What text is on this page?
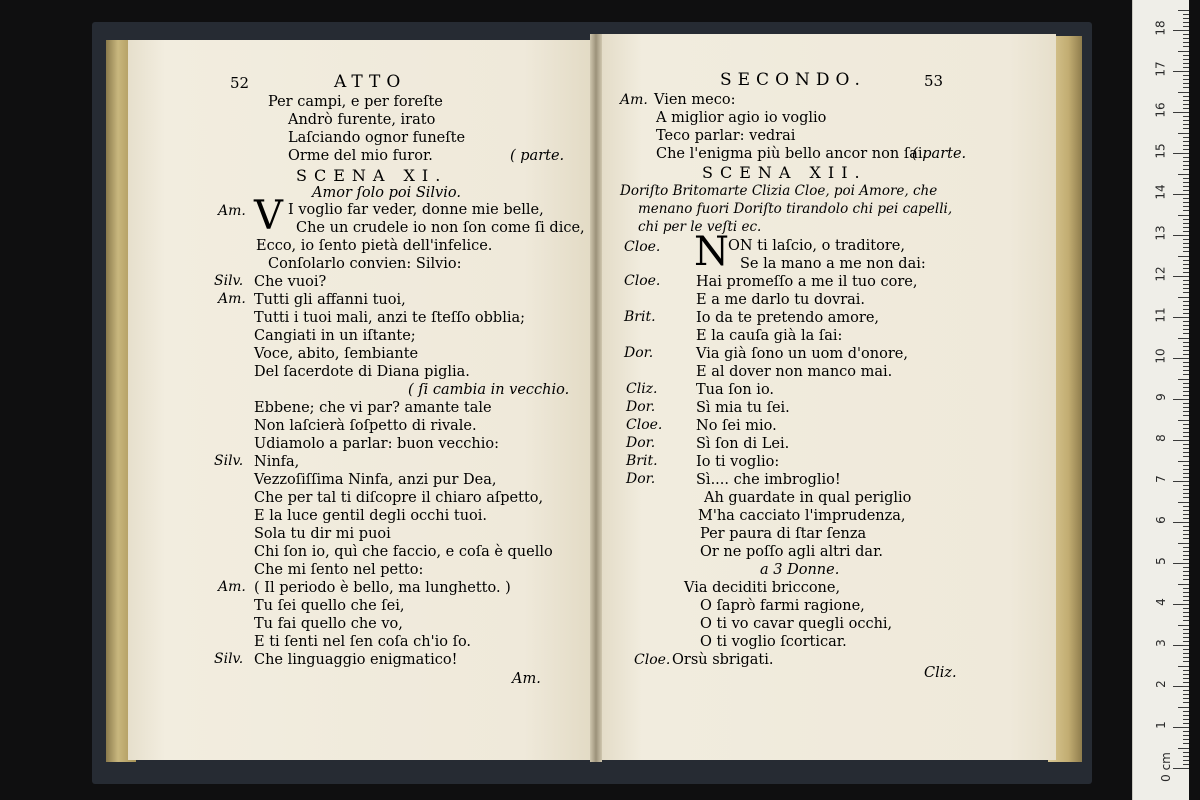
52	ATTO
Per campi, e per foreſte
Andrò furente, irato
Laſciando ognor funeſte
Orme del mio furor.	( parte.
SCENA XI.
Amor ſolo poi Silvio.
Am. V I voglio far veder, donne mie belle,
Che un crudele io non ſon come ſi dice,
Ecco, io ſento pietà dell'infelice.
Conſolarlo convien: Silvio:
Silv. Che vuoi?
Am. Tutti gli affanni tuoi,
Tutti i tuoi mali, anzi te ſteſſo obblia;
Cangiati in un iſtante;
Voce, abito, ſembiante
Del ſacerdote di Diana piglia.
( ſi cambia in vecchio.
Ebbene; che vi par? amante tale
Non laſcierà ſoſpetto di rivale.
Udiamolo a parlar: buon vecchio:
Silv. Ninfa,
Vezzoſiſſima Ninfa, anzi pur Dea,
Che per tal ti diſcopre il chiaro aſpetto,
E la luce gentil degli occhi tuoi.
Sola tu dir mi puoi
Chi ſon io, quì che faccio, e coſa è quello
Che mi ſento nel petto:
Am. ( Il periodo è bello, ma lunghetto. )
Tu ſei quello che ſei,
Tu fai quello che vo,
E ti ſenti nel ſen coſa ch'io ſo.
Silv. Che linguaggio enigmatico!
Am.
SECONDO.	53
Am. Vien meco:
A miglior agio io voglio
Teco parlar: vedrai
Che l'enigma più bello ancor non ſai.
( parte.
SCENA XII.
Doriſto Britomarte Clizia Cloe, poi Amore, che
menano fuori Doriſto tirandolo chi pei capelli,
chi per le veſti ec.
Cloe. N ON ti laſcio, o traditore,
Se la mano a me non dai:
Cloe. Hai promeſſo a me il tuo core,
E a me darlo tu dovrai.
Brit.	Io da te pretendo amore,
E la cauſa già la ſai:
Dor.	Via già ſono un uom d'onore,
E al dover non manco mai.
Cliz.	Tua ſon io.
Dor.	Sì mia tu ſei.
Cloe. No ſei mio.
Dor.	Sì ſon di Lei.
Brit.	Io ti voglio:
Dor.	Sì.... che imbroglio!
Ah guardate in qual periglio
M'ha cacciato l'imprudenza,
Per paura di ſtar ſenza
Or ne poſſo agli altri dar.
a 3 Donne.
Via deciditi briccone,
O ſaprò farmi ragione,
O ti vo cavar quegli occhi,
O ti voglio ſcorticar.
Cloe. Orsù sbrigati.
Cliz.
0 cm
1
2
3
4
5
6
7
8
9
10
11
12
13
14
15
16
17
18
